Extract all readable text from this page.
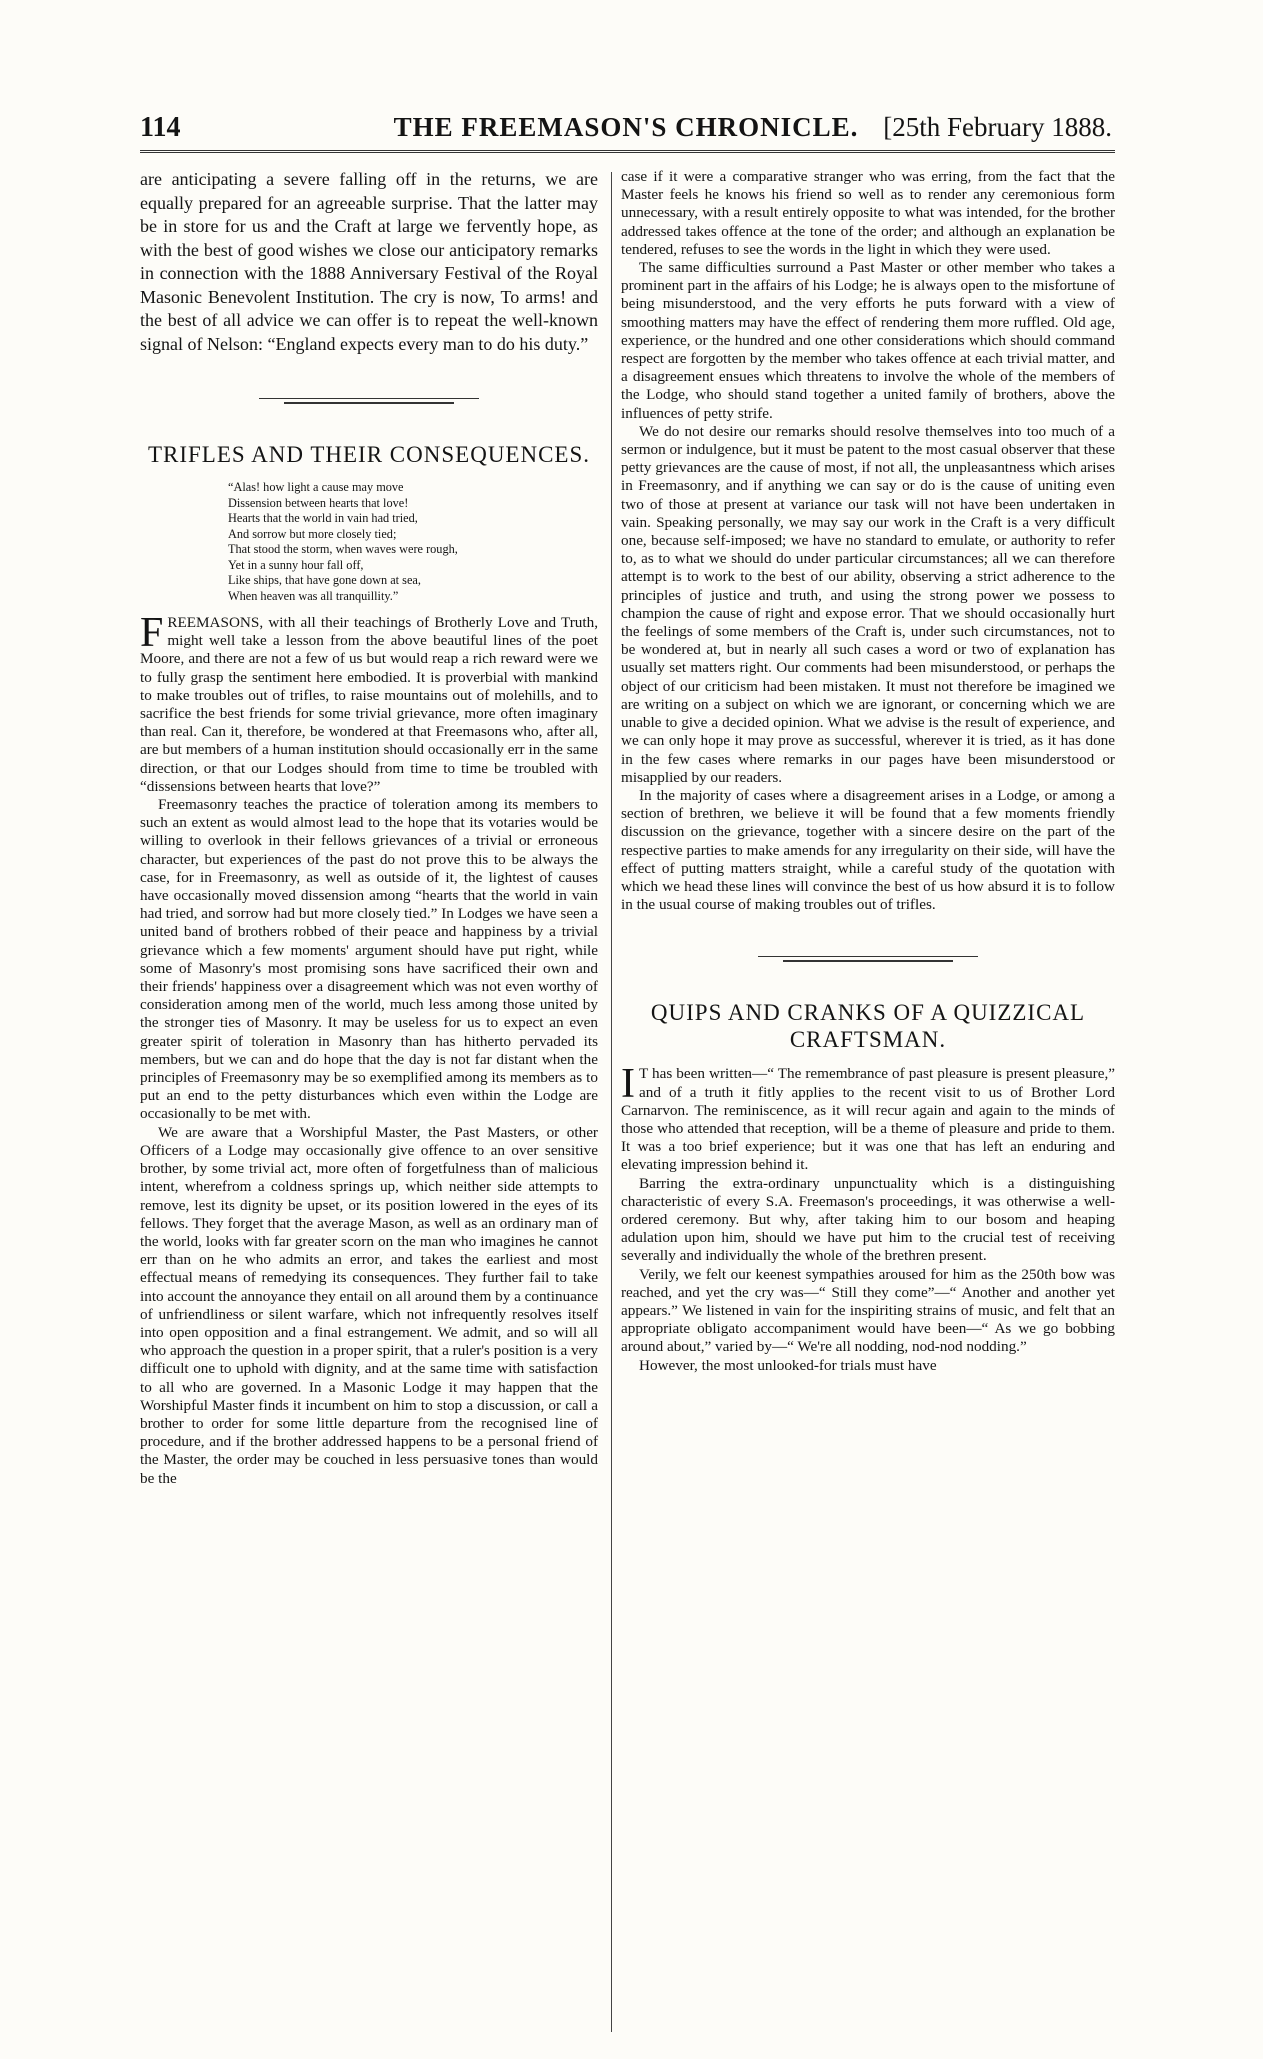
114	THE FREEMASON'S CHRONICLE. [25th February 1888.

are anticipating a severe falling off in the returns, we are equally prepared for an agreeable surprise. That the latter may be in store for us and the Craft at large we fervently hope, as with the best of good wishes we close our anticipatory remarks in connection with the 1888 Anniversary Festival of the Royal Masonic Benevolent Institution. The cry is now, To arms! and the best of all advice we can offer is to repeat the well-known signal of Nelson: “England expects every man to do his duty.”

TRIFLES AND THEIR CONSEQUENCES.
“Alas! how light a cause may move
Dissension between hearts that love!
Hearts that the world in vain had tried,
And sorrow but more closely tied;
That stood the storm, when waves were rough,
Yet in a sunny hour fall off,
Like ships, that have gone down at sea,
When heaven was all tranquillity.”

FREEMASONS, with all their teachings of Brotherly Love and Truth, might well take a lesson from the above beautiful lines of the poet Moore, and there are not a few of us but would reap a rich reward were we to fully grasp the sentiment here embodied. It is proverbial with mankind to make troubles out of trifles, to raise mountains out of molehills, and to sacrifice the best friends for some trivial grievance, more often imaginary than real. Can it, therefore, be wondered at that Freemasons who, after all, are but members of a human institution should occasionally err in the same direction, or that our Lodges should from time to time be troubled with “dissensions between hearts that love?”

Freemasonry teaches the practice of toleration among its members to such an extent as would almost lead to the hope that its votaries would be willing to overlook in their fellows grievances of a trivial or erroneous character, but experiences of the past do not prove this to be always the case, for in Freemasonry, as well as outside of it, the lightest of causes have occasionally moved dissension among “hearts that the world in vain had tried, and sorrow had but more closely tied.” In Lodges we have seen a united band of brothers robbed of their peace and happiness by a trivial grievance which a few moments' argument should have put right, while some of Masonry's most promising sons have sacrificed their own and their friends' happiness over a disagreement which was not even worthy of consideration among men of the world, much less among those united by the stronger ties of Masonry. It may be useless for us to expect an even greater spirit of toleration in Masonry than has hitherto pervaded its members, but we can and do hope that the day is not far distant when the principles of Freemasonry may be so exemplified among its members as to put an end to the petty disturbances which even within the Lodge are occasionally to be met with.

We are aware that a Worshipful Master, the Past Masters, or other Officers of a Lodge may occasionally give offence to an over sensitive brother, by some trivial act, more often of forgetfulness than of malicious intent, wherefrom a coldness springs up, which neither side attempts to remove, lest its dignity be upset, or its position lowered in the eyes of its fellows. They forget that the average Mason, as well as an ordinary man of the world, looks with far greater scorn on the man who imagines he cannot err than on he who admits an error, and takes the earliest and most effectual means of remedying its consequences. They further fail to take into account the annoyance they entail on all around them by a continuance of unfriendliness or silent warfare, which not infrequently resolves itself into open opposition and a final estrangement. We admit, and so will all who approach the question in a proper spirit, that a ruler's position is a very difficult one to uphold with dignity, and at the same time with satisfaction to all who are governed. In a Masonic Lodge it may happen that the Worshipful Master finds it incumbent on him to stop a discussion, or call a brother to order for some little departure from the recognised line of procedure, and if the brother addressed happens to be a personal friend of the Master, the order may be couched in less persuasive tones than would be the

case if it were a comparative stranger who was erring, from the fact that the Master feels he knows his friend so well as to render any ceremonious form unnecessary, with a result entirely opposite to what was intended, for the brother addressed takes offence at the tone of the order; and although an explanation be tendered, refuses to see the words in the light in which they were used.

The same difficulties surround a Past Master or other member who takes a prominent part in the affairs of his Lodge; he is always open to the misfortune of being misunderstood, and the very efforts he puts forward with a view of smoothing matters may have the effect of rendering them more ruffled. Old age, experience, or the hundred and one other considerations which should command respect are forgotten by the member who takes offence at each trivial matter, and a disagreement ensues which threatens to involve the whole of the members of the Lodge, who should stand together a united family of brothers, above the influences of petty strife.

We do not desire our remarks should resolve themselves into too much of a sermon or indulgence, but it must be patent to the most casual observer that these petty grievances are the cause of most, if not all, the unpleasantness which arises in Freemasonry, and if anything we can say or do is the cause of uniting even two of those at present at variance our task will not have been undertaken in vain. Speaking personally, we may say our work in the Craft is a very difficult one, because self-imposed; we have no standard to emulate, or authority to refer to, as to what we should do under particular circumstances; all we can therefore attempt is to work to the best of our ability, observing a strict adherence to the principles of justice and truth, and using the strong power we possess to champion the cause of right and expose error. That we should occasionally hurt the feelings of some members of the Craft is, under such circumstances, not to be wondered at, but in nearly all such cases a word or two of explanation has usually set matters right. Our comments had been misunderstood, or perhaps the object of our criticism had been mistaken. It must not therefore be imagined we are writing on a subject on which we are ignorant, or concerning which we are unable to give a decided opinion. What we advise is the result of experience, and we can only hope it may prove as successful, wherever it is tried, as it has done in the few cases where remarks in our pages have been misunderstood or misapplied by our readers.

In the majority of cases where a disagreement arises in a Lodge, or among a section of brethren, we believe it will be found that a few moments friendly discussion on the grievance, together with a sincere desire on the part of the respective parties to make amends for any irregularity on their side, will have the effect of putting matters straight, while a careful study of the quotation with which we head these lines will convince the best of us how absurd it is to follow in the usual course of making troubles out of trifles.

QUIPS AND CRANKS OF A QUIZZICAL CRAFTSMAN.

I T has been written—“ The remembrance of past pleasure is present pleasure,” and of a truth it fitly applies to the recent visit to us of Brother Lord Carnarvon. The reminiscence, as it will recur again and again to the minds of those who attended that reception, will be a theme of pleasure and pride to them. It was a too brief experience; but it was one that has left an enduring and elevating impression behind it.

Barring the extra-ordinary unpunctuality which is a distinguishing characteristic of every S.A. Freemason's proceedings, it was otherwise a well-ordered ceremony. But why, after taking him to our bosom and heaping adulation upon him, should we have put him to the crucial test of receiving severally and individually the whole of the brethren present.

Verily, we felt our keenest sympathies aroused for him as the 250th bow was reached, and yet the cry was—“ Still they come”—“ Another and another yet appears.” We listened in vain for the inspiriting strains of music, and felt that an appropriate obligato accompaniment would have been—“ As we go bobbing around about,” varied by—“ We're all nodding, nod-nod nodding.”

However, the most unlooked-for trials must have
